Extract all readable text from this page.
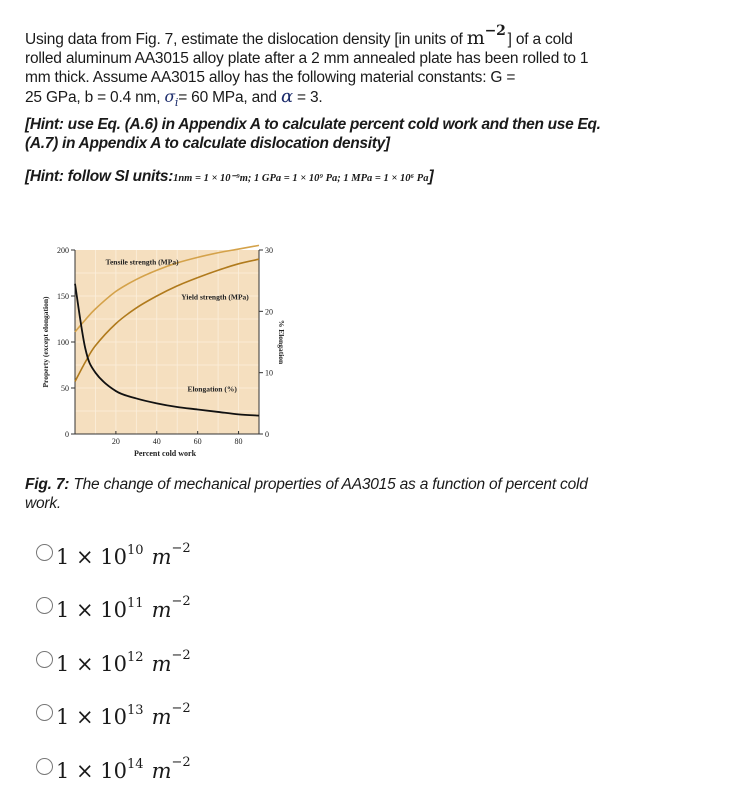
Using data from Fig. 7, estimate the dislocation density [in units of m−2 ] of a cold
rolled aluminum AA3015 alloy plate after a 2 mm annealed plate has been rolled to 1
mm thick. Assume AA3015 alloy has the following material constants: G =
25 GPa, b = 0.4 nm, $\sigma_i= 60$ MPa, and α = 3.
[Hint: use Eq. (A.6) in Appendix A to calculate percent cold work and then use Eq.
(A.7) in Appendix A to calculate dislocation density]
[Hint: follow SI units:1nm = 1 × 10⁻⁹m; 1 GPa = 1 × 10⁹ Pa; 1 MPa = 1 × 10⁶ Pa]
0
50
100
150
200
0
10
20
30
20	40	60	80
Percent cold work
Property (except elongation)	% Elongation
Tensile strength (MPa)
Yield strength (MPa)
Elongation (%)
Fig. 7: The change of mechanical properties of AA3015 as a function of percent cold
work.
$1 \times 10^{10}$ $m^{-2}$
$1 \times 10^{11}$ $m^{-2}$
$1 \times 10^{12}$ $m^{-2}$
$1 \times 10^{13}$ $m^{-2}$
$1 \times 10^{14}$ $m^{-2}$
